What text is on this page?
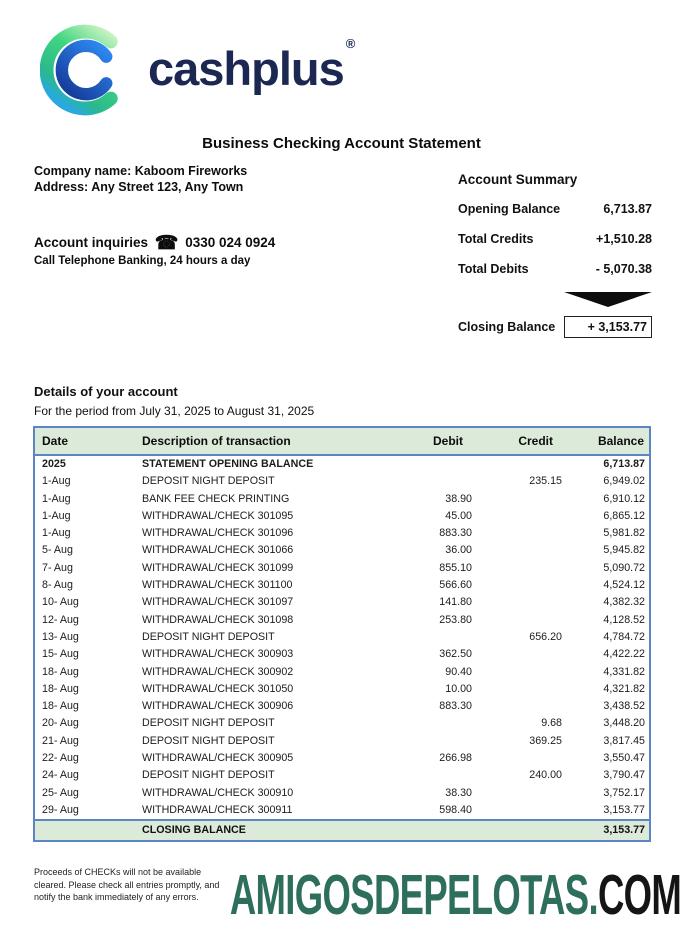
cashplus ®
Business Checking Account Statement
Company name: Kaboom Fireworks
Address: Any Street 123, Any Town
Account inquiries ☎ 0330 024 0924
Call Telephone Banking, 24 hours a day
Account Summary
Opening Balance	6,713.87
Total Credits	+1,510.28
Total Debits	- 5,070.38
Closing Balance	+ 3,153.77
Details of your account
For the period from July 31, 2025 to August 31, 2025
Date	Description of transaction	Debit	Credit	Balance
2025	STATEMENT OPENING BALANCE			6,713.87
1-Aug	DEPOSIT NIGHT DEPOSIT		235.15	6,949.02
1-Aug	BANK FEE CHECK PRINTING	38.90		6,910.12
1-Aug	WITHDRAWAL/CHECK 301095	45.00		6,865.12
1-Aug	WITHDRAWAL/CHECK 301096	883.30		5,981.82
5- Aug	WITHDRAWAL/CHECK 301066	36.00		5,945.82
7- Aug	WITHDRAWAL/CHECK 301099	855.10		5,090.72
8- Aug	WITHDRAWAL/CHECK 301100	566.60		4,524.12
10- Aug	WITHDRAWAL/CHECK 301097	141.80		4,382.32
12- Aug	WITHDRAWAL/CHECK 301098	253.80		4,128.52
13- Aug	DEPOSIT NIGHT DEPOSIT		656.20	4,784.72
15- Aug	WITHDRAWAL/CHECK 300903	362.50		4,422.22
18- Aug	WITHDRAWAL/CHECK 300902	90.40		4,331.82
18- Aug	WITHDRAWAL/CHECK 301050	10.00		4,321.82
18- Aug	WITHDRAWAL/CHECK 300906	883.30		3,438.52
20- Aug	DEPOSIT NIGHT DEPOSIT		9.68	3,448.20
21- Aug	DEPOSIT NIGHT DEPOSIT		369.25	3,817.45
22- Aug	WITHDRAWAL/CHECK 300905	266.98		3,550.47
24- Aug	DEPOSIT NIGHT DEPOSIT		240.00	3,790.47
25- Aug	WITHDRAWAL/CHECK 300910	38.30		3,752.17
29- Aug	WITHDRAWAL/CHECK 300911	598.40		3,153.77
	CLOSING BALANCE			3,153.77
Proceeds of CHECKs will not be available
cleared. Please check all entries promptly, and
notify the bank immediately of any errors. AMIGOSDEPELOTAS.COM
